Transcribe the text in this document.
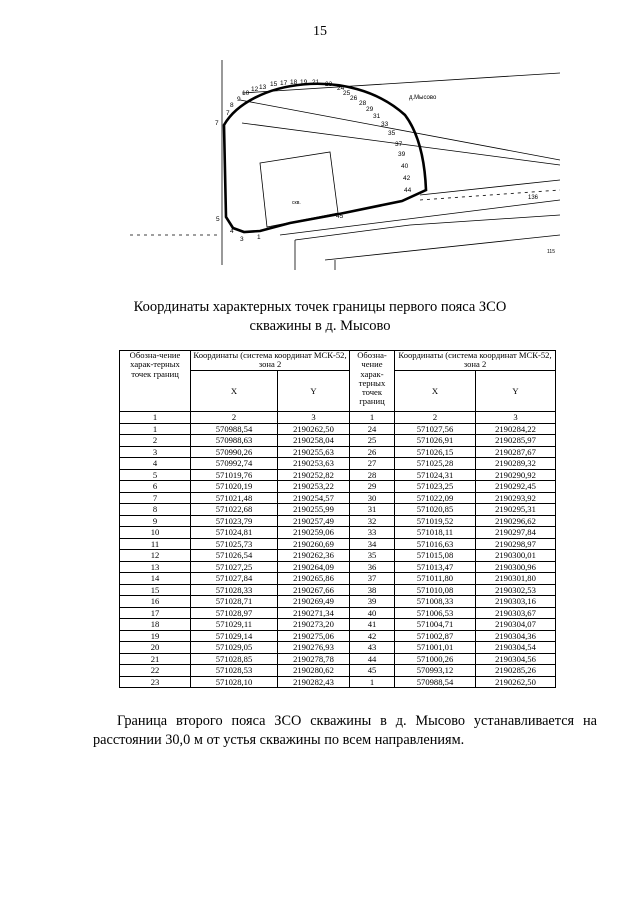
15
7
7
8
9
10
12 13 15 17 18 19 21 23
24
25
26
28
29
31
33
35
37
39
40
42
44
45
5
4
3 1
д.Мысово
скв.
136
115
Координаты характерных точек границы первого пояса ЗСО
скважины в д. Мысово
Обозна-чение харак-терных точек границ	Координаты (система координат МСК-52, зона 2		Обозна-чение харак-терных точек границ	Координаты (система координат МСК-52, зона 2	
	X	Y		X	Y
1	2	3	1	2	3
1	570988,54	2190262,50	24	571027,56	2190284,22
2	570988,63	2190258,04	25	571026,91	2190285,97
3	570990,26	2190255,63	26	571026,15	2190287,67
4	570992,74	2190253,63	27	571025,28	2190289,32
5	571019,76	2190252,82	28	571024,31	2190290,92
6	571020,19	2190253,22	29	571023,25	2190292,45
7	571021,48	2190254,57	30	571022,09	2190293,92
8	571022,68	2190255,99	31	571020,85	2190295,31
9	571023,79	2190257,49	32	571019,52	2190296,62
10	571024,81	2190259,06	33	571018,11	2190297,84
11	571025,73	2190260,69	34	571016,63	2190298,97
12	571026,54	2190262,36	35	571015,08	2190300,01
13	571027,25	2190264,09	36	571013,47	2190300,96
14	571027,84	2190265,86	37	571011,80	2190301,80
15	571028,33	2190267,66	38	571010,08	2190302,53
16	571028,71	2190269,49	39	571008,33	2190303,16
17	571028,97	2190271,34	40	571006,53	2190303,67
18	571029,11	2190273,20	41	571004,71	2190304,07
19	571029,14	2190275,06	42	571002,87	2190304,36
20	571029,05	2190276,93	43	571001,01	2190304,54
21	571028,85	2190278,78	44	571000,26	2190304,56
22	571028,53	2190280,62	45	570993,12	2190285,26
23	571028,10	2190282,43	1	570988,54	2190262,50

Граница второго пояса ЗСО скважины в д. Мысово устанавливается на расстоянии 30,0 м от устья скважины по всем направлениям.
